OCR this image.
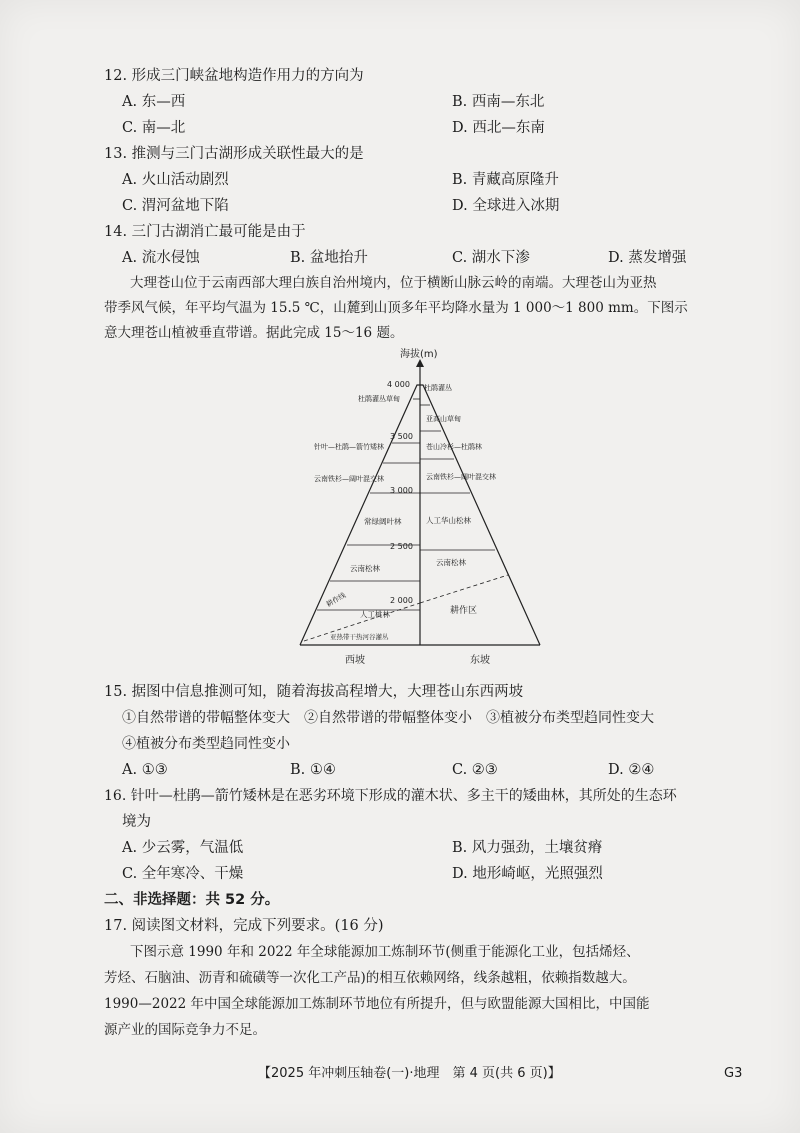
12. 形成三门峡盆地构造作用力的方向为
A. 东—西	B. 西南—东北
C. 南—北	D. 西北—东南
13. 推测与三门古湖形成关联性最大的是
A. 火山活动剧烈	B. 青藏高原隆升
C. 渭河盆地下陷	D. 全球进入冰期
14. 三门古湖消亡最可能是由于
A. 流水侵蚀	B. 盆地抬升	C. 湖水下渗	D. 蒸发增强
大理苍山位于云南西部大理白族自治州境内，位于横断山脉云岭的南端。大理苍山为亚热
带季风气候，年平均气温为 15.5 ℃，山麓到山顶多年平均降水量为 1 000～1 800 mm。下图示
意大理苍山植被垂直带谱。据此完成 15～16 题。
海拔(m)
4 000
3 500
3 000
2 500
2 000
杜鹃灌丛草甸
针叶—杜鹃—箭竹矮林
云南铁杉—阔叶混交林
常绿阔叶林
云南松林
人工桃林
亚热带干热河谷灌丛
耕作线
杜鹃灌丛
亚高山草甸
苍山冷杉—杜鹃林
云南铁杉—阔叶混交林
人工华山松林
云南松林
耕作区
西坡	东坡
15. 据图中信息推测可知，随着海拔高程增大，大理苍山东西两坡
①自然带谱的带幅整体变大　②自然带谱的带幅整体变小　③植被分布类型趋同性变大
④植被分布类型趋同性变小
A. ①③	B. ①④	C. ②③	D. ②④
16. 针叶—杜鹃—箭竹矮林是在恶劣环境下形成的灌木状、多主干的矮曲林，其所处的生态环
境为
A. 少云雾，气温低	B. 风力强劲，土壤贫瘠
C. 全年寒冷、干燥	D. 地形崎岖，光照强烈
二、非选择题：共 52 分。
17. 阅读图文材料，完成下列要求。(16 分)
下图示意 1990 年和 2022 年全球能源加工炼制环节(侧重于能源化工业，包括烯烃、
芳烃、石脑油、沥青和硫磺等一次化工产品)的相互依赖网络，线条越粗，依赖指数越大。
1990—2022 年中国全球能源加工炼制环节地位有所提升，但与欧盟能源大国相比，中国能
源产业的国际竞争力不足。
【2025 年冲刺压轴卷(一)·地理　第 4 页(共 6 页)】	G3
